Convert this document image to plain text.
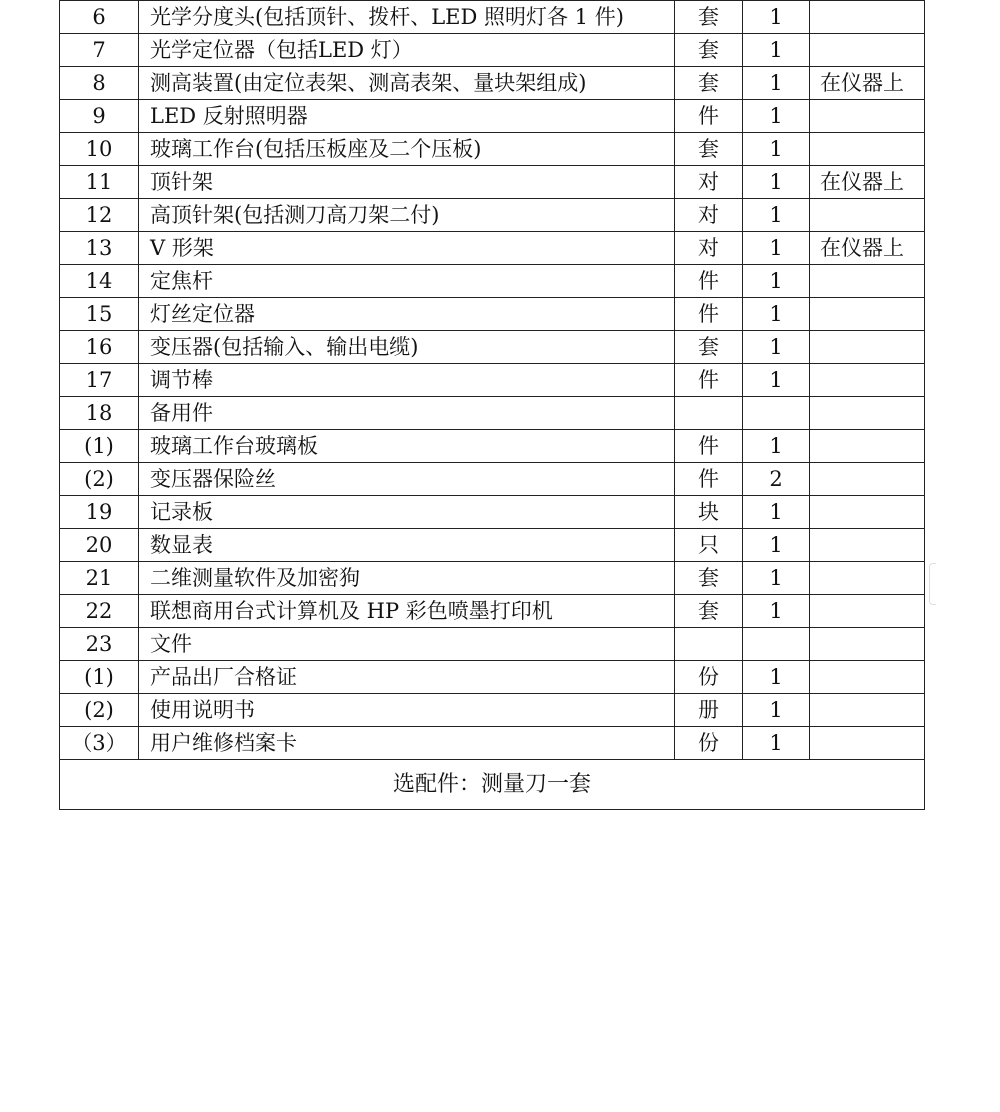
6	光学分度头(包括顶针、拨杆、LED 照明灯各 1 件)	套	1	
7	光学定位器（包括LED 灯）	套	1	
8	测高装置(由定位表架、测高表架、量块架组成)	套	1	在仪器上
9	LED 反射照明器	件	1	
10	玻璃工作台(包括压板座及二个压板)	套	1	
11	顶针架	对	1	在仪器上
12	高顶针架(包括测刀高刀架二付)	对	1	
13	V 形架	对	1	在仪器上
14	定焦杆	件	1	
15	灯丝定位器	件	1	
16	变压器(包括输入、输出电缆)	套	1	
17	调节棒	件	1	
18	备用件			
(1)	玻璃工作台玻璃板	件	1	
(2)	变压器保险丝	件	2	
19	记录板	块	1	
20	数显表	只	1	
21	二维测量软件及加密狗	套	1	
22	联想商用台式计算机及 HP 彩色喷墨打印机	套	1	
23	文件			
(1)	产品出厂合格证	份	1	
(2)	使用说明书	册	1	
（3）	用户维修档案卡	份	1	
选配件：测量刀一套				
